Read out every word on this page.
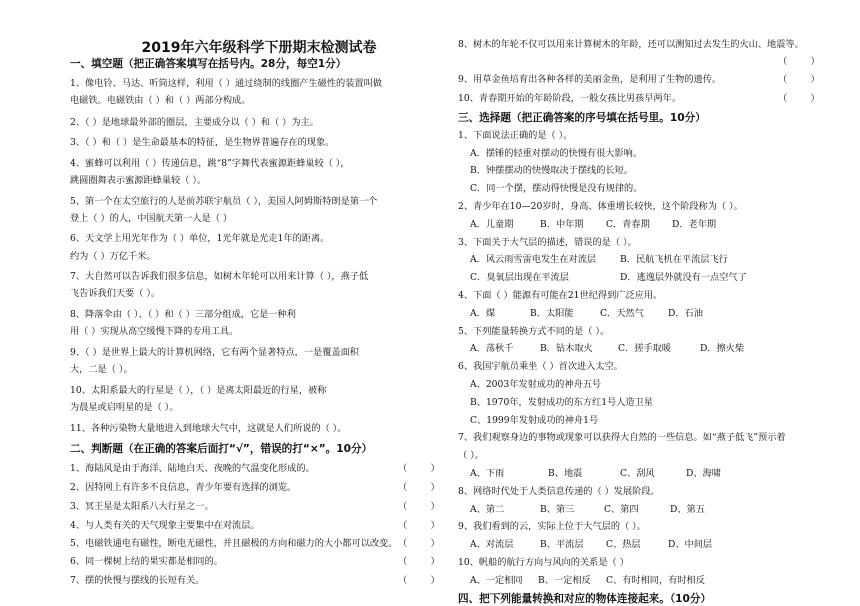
2019年六年级科学下册期末检测试卷
一、填空题（把正确答案填写在括号内。28分，每空1分）
1、像电铃、马达、听筒这样，利用（ ）通过绕制的线圈产生磁性的装置叫做
电磁铁。电磁铁由（ ）和（ ）两部分构成。
2、（ ）是地球最外部的圈层，主要成分以（ ）和（ ）为主。
3、（ ）和（ ）是生命最基本的特征，是生物界普遍存在的现象。
4、蜜蜂可以利用（ ）传递信息，跳“8”字舞代表蜜源距蜂巢较（ ），
跳圆圈舞表示蜜源距蜂巢较（ ）。
5、第一个在太空旅行的人是前苏联宇航员（ ），美国人阿姆斯特朗是第一个
登上（ ）的人，中国航天第一人是（ ）
6、天文学上用光年作为（ ）单位，1光年就是光走1年的距离。
约为（ ）万亿千米。
7、大自然可以告诉我们很多信息，如树木年轮可以用来计算（ ），燕子低
飞告诉我们天要（ ）。
8、降落伞由（ ）、（ ）和（ ）三部分组成，它是一种利
用（ ）实现从高空缓慢下降的专用工具。
9、（ ）是世界上最大的计算机网络，它有两个显著特点，一是覆盖面积
大，二是（ ）。
10、太阳系最大的行星是（ ），（ ）是离太阳最近的行星，被称
为晨星或启明星的是（ ）。
11、各种污染物大量地进入到地球大气中，这就是人们所说的（ ）。
二、判断题（在正确的答案后面打“√”，错误的打“×”。10分）
1、海陆风是由于海洋、陆地白天、夜晚的气温变化形成的。	（        ）
2、因特网上有许多不良信息，青少年要有选择的浏览。	（        ）
3、冥王星是太阳系八大行星之一。	（        ）
4、与人类有关的天气现象主要集中在对流层。	（        ）
5、电磁铁通电有磁性，断电无磁性，并且磁极的方向和磁力的大小都可以改变。 （        ）
6、同一棵树上结的果实都是相同的。	（        ）
7、摆的快慢与摆线的长短有关。	（        ）
8、树木的年轮不仅可以用来计算树木的年龄，还可以测知过去发生的火山、地震等。
（        ）
9、用草金鱼培育出各种各样的美丽金鱼，是利用了生物的遗传。	（        ）
10、青春期开始的年龄阶段，一般女孩比男孩早两年。	（        ）
三、选择题（把正确答案的序号填在括号里。10分）
1、下面说法正确的是（ ）。
A．摆锤的轻重对摆动的快慢有很大影响。
B．钟摆摆动的快慢取决于摆线的长短。
C．同一个摆，摆动得快慢是没有规律的。
2、青少年在10—20岁时，身高、体重增长较快，这个阶段称为（ ）。
A．儿童期	B．中年期 C．青春期 D．老年期
3、下面关于大气层的描述，错误的是（ ）。
A．风云雨雪雷电发生在对流层	B．民航飞机在平流层飞行
C．臭氧层出现在平流层	D．逃逸层外就没有一点空气了
4、下面（ ）能源有可能在21世纪得到广泛应用。
A．煤	B．太阳能	C．天然气	D．石油
5、下列能量转换方式不同的是（ ）。
A．荡秋千	B．钻木取火	C．搓手取暖	D．擦火柴
6、我国宇航员乘坐（ ）首次进入太空。
A、2003年发射成功的神舟五号
B、1970年，发射成功的东方红1号人造卫星
C、1999年发射成功的神舟1号
7、我们观察身边的事物或现象可以获得大自然的一些信息。如“燕子低飞”预示着
（ ）。
A、下雨	B、地震	C、刮风	D、海啸
8、网络时代处于人类信息传递的（ ）发展阶段。
A、第二	B、第三	C、第四	D、第五
9、我们看到的云，实际上位于大气层的（ ）。
A、对流层	B、平流层 C、热层	D、中间层
10、帆船的航行方向与风向的关系是（ ）
A、一定相同 B、一定相反 C、有时相同，有时相反
四、把下列能量转换和对应的物体连接起来。（10分）
